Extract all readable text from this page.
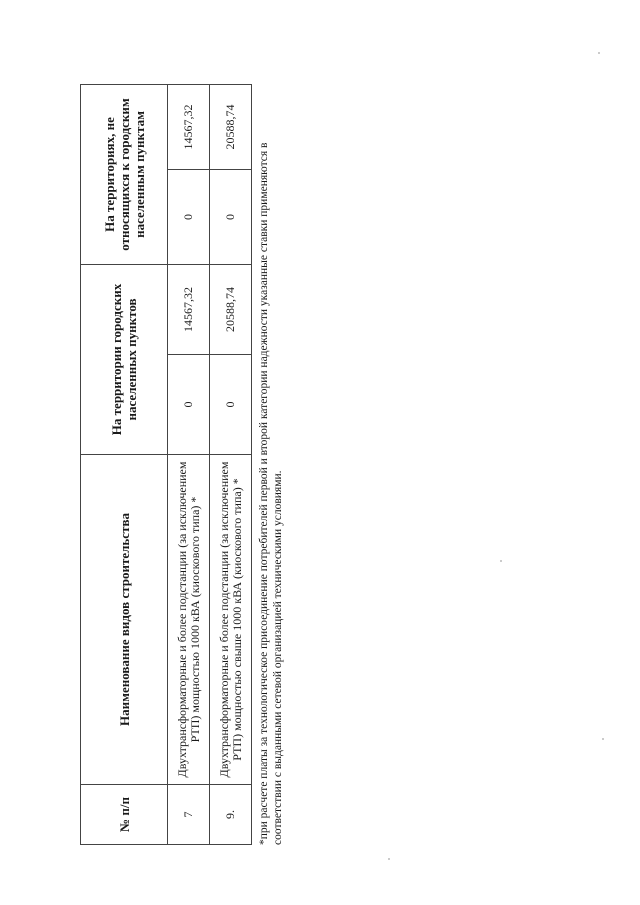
№ п/п	Наименование видов строительства	На территории городских населенных пунктов		На территориях, не относящихся к городским населенным пунктам	
7	Двухтрансформаторные и более подстанции (за исключением РТП) мощностью 1000 кВА (киоскового типа) *	0	14567,32	0	14567,32
9.	Двухтрансформаторные и более подстанции (за исключением РТП) мощностью свыше 1000 кВА (киоскового типа) *	0	20588,74	0	20588,74
*при расчете платы за технологическое присоединение потребителей первой и второй категории надежности указанные ставки применяются в соответствии с выданными сетевой организацией техническими условиями.
